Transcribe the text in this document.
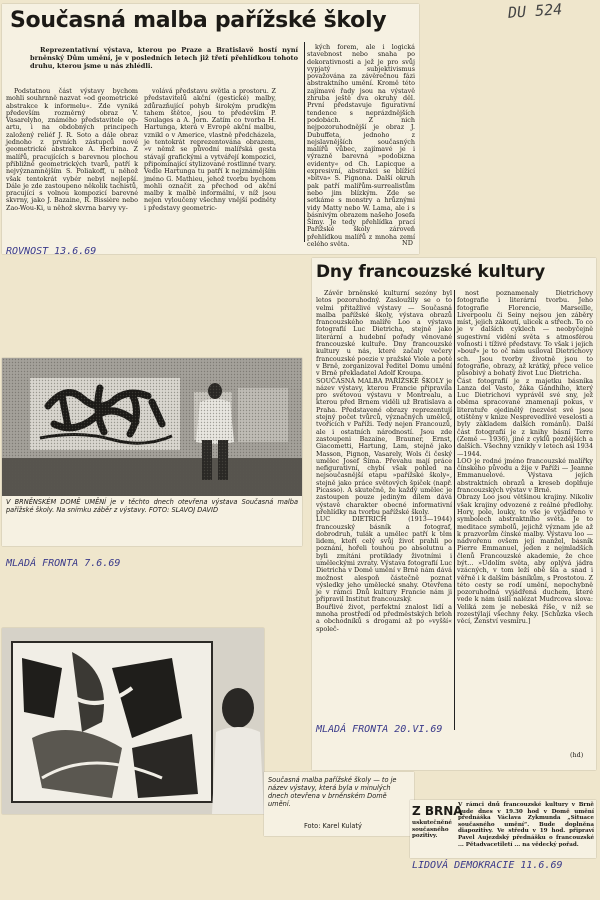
DU 524
Současná malba pařížské školy
Reprezentativní výstava, kterou po Praze a Bratislavě hostí nyní brněnský Dům umění, je v posledních letech již třetí přehlídkou tohoto druhu, kterou jsme u nás zhlédli.

Podstatnou část výstavy bychom mohli souhrnně nazvat »od geometrické abstrakce k informelu«. Zde vyniká především rozměrný obraz V. Vasarelyho, známého představitele op-artu, i na obdobných principech založený reliéf J. R. Soto a dále obraz jednoho z prvních zástupců nové geometrické abstrakce A. Herbina. Z malířů, pracujících s barevnou plochou přibližně geometrických tvarů, patří k nejvýznamnějším S. Poliakoff, u něhož však tentokrát vybér nebyl nejlepší. Dále je zde zastoupeno několik tachistů, pracující s volnou kompozicí barevné skvrny, jako J. Bazaine, R. Bissière nebo Zao-Wou-Ki, u něhož skvrna barvy vy-

volává představu světla a prostoru. Z představitelů akční (gestické) malby, zdůrazňující pohyb širokým prudkým tahem štětce, jsou to především P. Soulages a A. Jorn. Zatím co tvorba H. Hartunga, která v Evropě akční malbu, vznikl o v Americe, vlastně předcházela, je tentokrát reprezentována obrazem, »v němž se původní malířská gesta stávají grafickými a vytvářejí kompozici, připomínající stylizované rostlinné tvary. Vedle Hartunga tu patří k nejznámějším jméno G. Mathieu, jehož tvorbu bychom mohli označit za přechod od akční malby k malbě informální, v níž jsou nejen vyloučeny všechny vnější podněty i představy geometric-

kých forem, ale i logická stavebnost nebo snaha po dekorativnosti a jež je pro svůj vypjatý subjektivismus považována za závěrečnou fázi abstraktního umění. Kromě této zajímavé řady jsou na výstavě zhruba ještě dva okruhy děl. První představuje figurativní tendence s neprázdnějších podobách. Z nich nejpozoruhodnější je obraz J. Dubuffeta, jednoho z nejslavnějších současných malířů vůbec, zajímavé je i výrazně barevná »podobizna evidenty« od Ch. Lapicque a expresivní, abstrakci se blížící »bitva« S. Pignona. Další okruh pak patří malířům-surrealistům nebo jim blízkým. Zde se setkáme s monstry a hrůznými vidy Matty nebo W. Lama, ale i s básnivým obrazem našeho Josefa Šímy. Je tedy přehlídka prací Pařížské školy zároveň přehlídkou malířů z mnoha zemí celého světa.	ND
ROVNOST 13.6.69
V BRNĚNSKÉM DOMĚ UMĚNÍ je v těchto dnech otevřena výstava Současná malba pařížské školy. Na snímku záběr z výstavy. FOTO: SLAVOJ DAVID
MLADÁ FRONTA 7.6.69
Dny francouzské kultury

Závěr brněnské kulturní sezóny byl letos pozoruhodný. Zasloužily se o to velmi přitažlivé výstavy — Současná malba pařížské školy, výstava obrazů francouzského malíře Loo a výstava fotografií Luc Dietricha, stejně jako literární a hudební pořady věnované francouzské kultuře. Dny francouzské kultury u nás, které začaly večery francouzské poezie v pražské Viole a poté v Brně, zorganizoval ředitel Domu umění v Brně překladatel Adolf Kroupa.
SOUČASNÁ MALBA PAŘÍŽSKÉ ŠKOLY je název výstavy, kterou Francie připravila pro světovou výstavu v Montrealu, a kterou před Brnem viděli už Bratislava a Praha. Představené obrazy reprezentují stejný počet tvůrců, význačných umělců, tvořících v Paříži. Tedy nejen Francouzů, ale i ostatních národností. Jsou zde zastoupeni Bazaine, Brauner, Ernst, Giacometti, Hartung, Lam, stejně jako Masson, Pignon, Vasarely, Wols či český umělec Josef Šíma. Převahu mají práce nefigurativní, chybí však pohled na nejsoučasnější etapu »pařížské školy«, stejně jako práce světových špiček (např. Picasso). A skutečně, že každý umělec je zastoupen pouze jediným dílem dává výstavě charakter obecné informativní přehlídky na tvorbu pařížské školy.
LUC DIETRICH (1913—1944) francouzský básník a fotograf, dobrodruh, tulák a umělec patří k těm lidem, kteří celý svůj život prahli po poznání, hořeli touhou po absolutnu a byli zmítáni protiklady životními i uměleckými zvraty. Výstava fotografií Luc Dietricha v Domě umění v Brně nám dává možnost alespoň částečně poznat výsledky jeho umělecké snahy. Otevřena je v rámci Dnů kultury Francie nám ji připravil Institut francouzský.
Bouřlivé život, perfektní znalost lidí a mnoha prostředí od předměstských brloh a obchodníků s drogami až po »vyšší« společ-

nost poznamenaly Dietrichovy fotografie i literární tvorbu. Jeho fotografie Florencie, Marseille, Liverpoolu či Seiny nejsou jen záběry míst, jejich zákoutí, ulicek a střech. To co je v dalších cyklech — neobyčejně sugestivní vidění světa s atmosférou volnosti i tíživé představy. To však i jejich »bouř« je to oč nám usiloval Dietrichovy sch. Jsou tvorby životně jsou to fotografie, obrazy, až krátký, přece velice působivý a bohatý život Luc Dietricha.
Část fotografií je z majetku básníka Lanza del Vasto, žáka Gándhího, který Luc Dietrichovi vyprávěl své sny, jež oběma spracované znamenají pokus, v literatuře ojedinělý (nezvěst své jsou otištěny v knize Nesprevedlivé veselosti a byly základem dalších románů). Další část fotografií je z knihy básní Terre (Země — 1936), jiné z cyklů pozdějších a dalších. Všechny vznikly v letech asi 1934—1944.
LOO je rodné jméno francouzské malířky čínského původu a žije v Paříži — Jeanne Emmanuelové. Výstava jejích abstraktních obrazů a kreseb doplňuje francouzských výstav v Brně.
Obrazy Loo jsou většinou krajiny. Nikoliv však krajiny odvozené z reálné předlohy. Hory, pole, louky, to vše je vyjádřeno v symbolech abstraktního světa. Je to meditace symbolů, jejichž význam jde až k prazvorům čínské malby. Výstavu loo — nádvořenu ovšem její manžel, básník Pierre Emmanuel, jeden z nejmladších členů Francouzské akademie, že chce být... »Udolím světa, aby oplývá jádra vzácných, v tom leží obě šla a snad i věřně i k dalším básníkům, s Prostotou. Z této cesty se rodí umění, nepochybně pozoruhodná vyjádřená duchem, které vede k nám úsilí nalézat Mudrcova slova: Veliká zem je nebeská říše, v níž se rozestýlají všechny řeky. [Schůzka všech věcí, Ženství vesmíru.]

(hd)
MLADÁ FRONTA 20.VI.69
Současná malba pařížské školy — to je název výstavy, která byla v minulých dnech otevřena v brněnském Domě umění.
Foto: Karel Kulatý
Z BRNA
uskutečněné současného pozitivy.
V rámci dnů francouzské kultury v Brně bude dnes v 19.30 hod v Domě umění přednáška Václava Zykmunda „Situace současného umění“. Bude doplněna diapozitivy. Ve středu v 19 hod. připraví Pavel Aujezdský přednášku o francouzské ... Pětadvacetiletí ... na vědecký pořad.
LIDOVÁ DEMOKRACIE 11.6.69
